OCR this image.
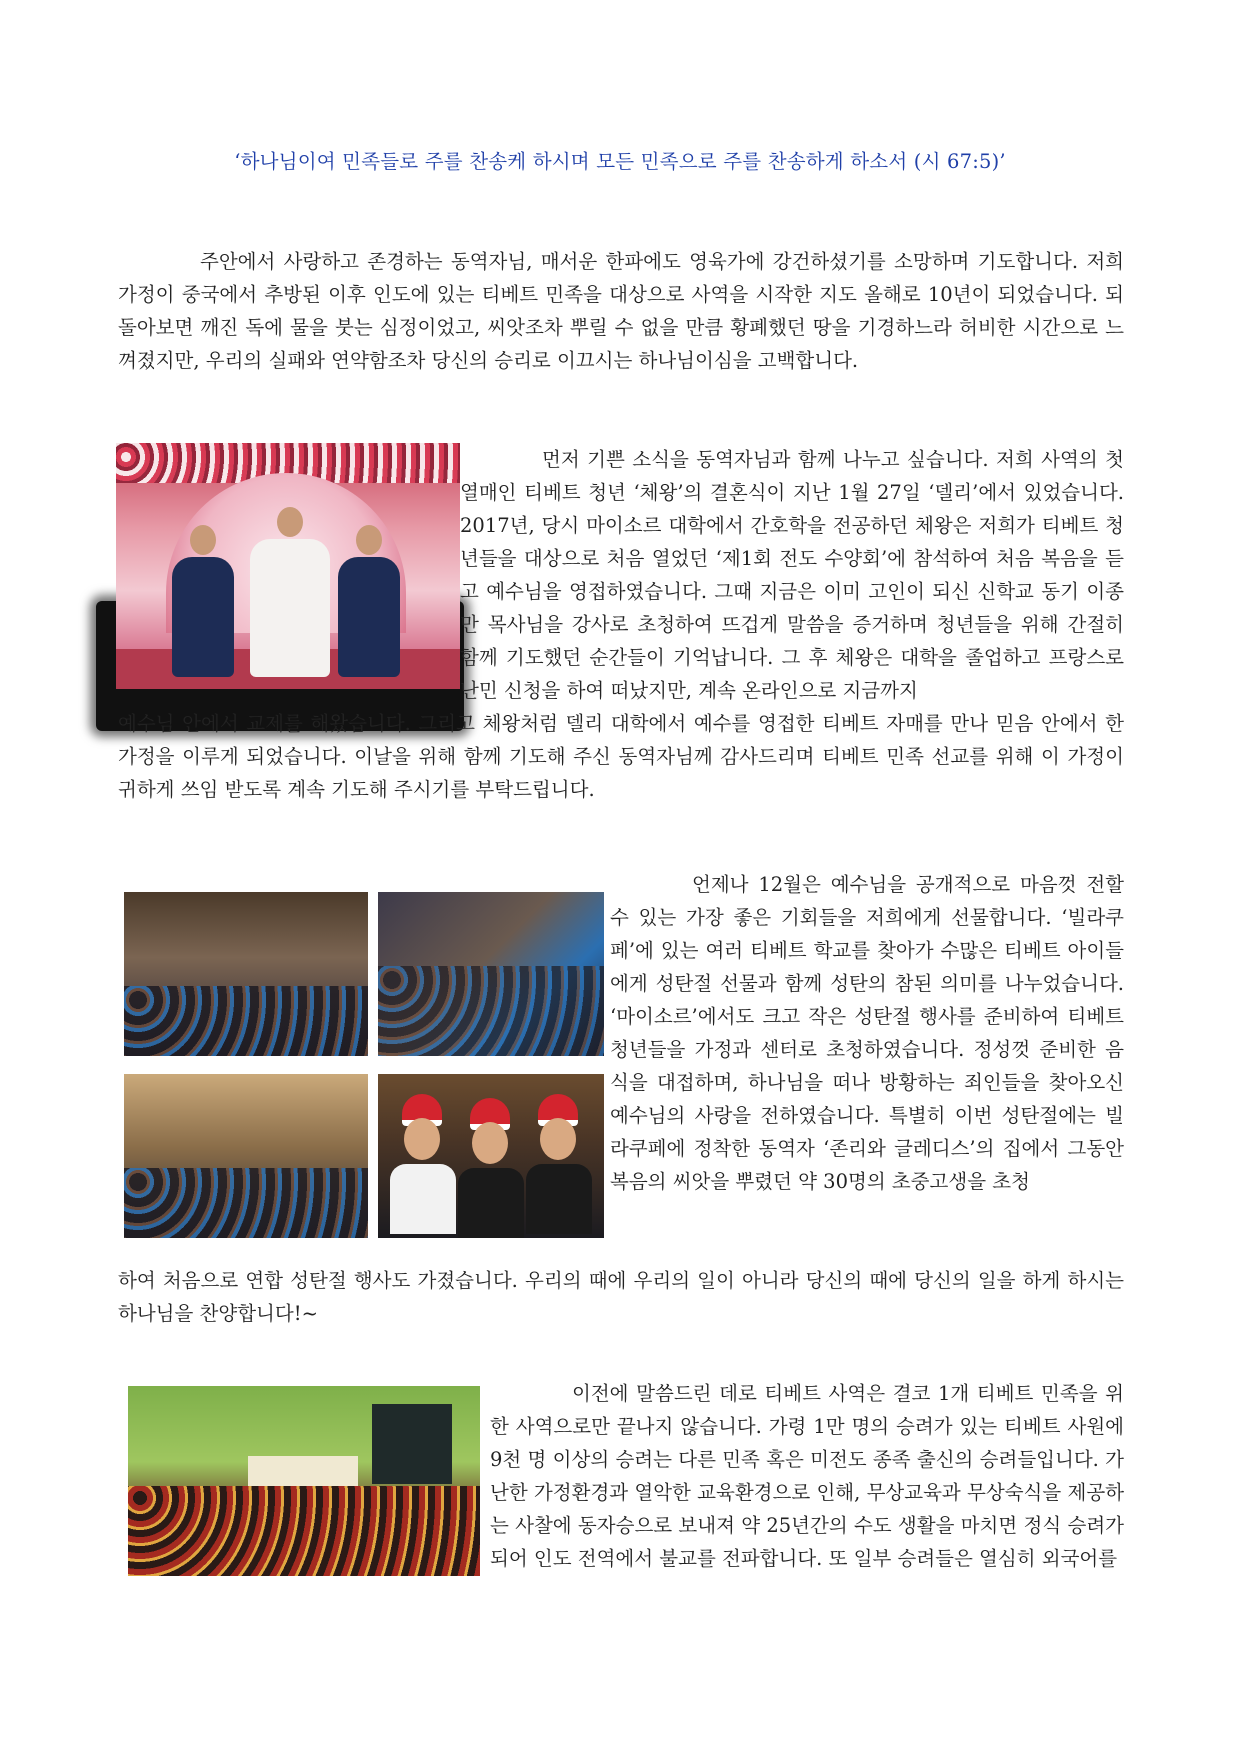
‘하나님이여 민족들로 주를 찬송케 하시며 모든 민족으로 주를 찬송하게 하소서 (시 67:5)’

주안에서 사랑하고 존경하는 동역자님, 매서운 한파에도 영육가에 강건하셨기를 소망하며 기도합니다. 저희 가정이 중국에서 추방된 이후 인도에 있는 티베트 민족을 대상으로 사역을 시작한 지도 올해로 10년이 되었습니다. 되돌아보면 깨진 독에 물을 붓는 심정이었고, 씨앗조차 뿌릴 수 없을 만큼 황폐했던 땅을 기경하느라 허비한 시간으로 느껴졌지만, 우리의 실패와 연약함조차 당신의 승리로 이끄시는 하나님이심을 고백합니다.

먼저 기쁜 소식을 동역자님과 함께 나누고 싶습니다. 저희 사역의 첫 열매인 티베트 청년 ‘체왕’의 결혼식이 지난 1월 27일 ‘델리’에서 있었습니다. 2017년, 당시 마이소르 대학에서 간호학을 전공하던 체왕은 저희가 티베트 청년들을 대상으로 처음 열었던 ‘제1회 전도 수양회’에 참석하여 처음 복음을 듣고 예수님을 영접하였습니다. 그때 지금은 이미 고인이 되신 신학교 동기 이종만 목사님을 강사로 초청하여 뜨겁게 말씀을 증거하며 청년들을 위해 간절히 함께 기도했던 순간들이 기억납니다. 그 후 체왕은 대학을 졸업하고 프랑스로 난민 신청을 하여 떠났지만, 계속 온라인으로 지금까지

예수님 안에서 교제를 해왔습니다. 그리고 체왕처럼 델리 대학에서 예수를 영접한 티베트 자매를 만나 믿음 안에서 한 가정을 이루게 되었습니다. 이날을 위해 함께 기도해 주신 동역자님께 감사드리며 티베트 민족 선교를 위해 이 가정이 귀하게 쓰임 받도록 계속 기도해 주시기를 부탁드립니다.

언제나 12월은 예수님을 공개적으로 마음껏 전할 수 있는 가장 좋은 기회들을 저희에게 선물합니다. ‘빌라쿠페’에 있는 여러 티베트 학교를 찾아가 수많은 티베트 아이들에게 성탄절 선물과 함께 성탄의 참된 의미를 나누었습니다. ‘마이소르’에서도 크고 작은 성탄절 행사를 준비하여 티베트 청년들을 가정과 센터로 초청하였습니다. 정성껏 준비한 음식을 대접하며, 하나님을 떠나 방황하는 죄인들을 찾아오신 예수님의 사랑을 전하였습니다. 특별히 이번 성탄절에는 빌라쿠페에 정착한 동역자 ‘존리와 글레디스’의 집에서 그동안 복음의 씨앗을 뿌렸던 약 30명의 초중고생을 초청

하여 처음으로 연합 성탄절 행사도 가졌습니다. 우리의 때에 우리의 일이 아니라 당신의 때에 당신의 일을 하게 하시는 하나님을 찬양합니다!~

이전에 말씀드린 데로 티베트 사역은 결코 1개 티베트 민족을 위한 사역으로만 끝나지 않습니다. 가령 1만 명의 승려가 있는 티베트 사원에 9천 명 이상의 승려는 다른 민족 혹은 미전도 종족 출신의 승려들입니다. 가난한 가정환경과 열악한 교육환경으로 인해, 무상교육과 무상숙식을 제공하는 사찰에 동자승으로 보내져 약 25년간의 수도 생활을 마치면 정식 승려가 되어 인도 전역에서 불교를 전파합니다. 또 일부 승려들은 열심히 외국어를
